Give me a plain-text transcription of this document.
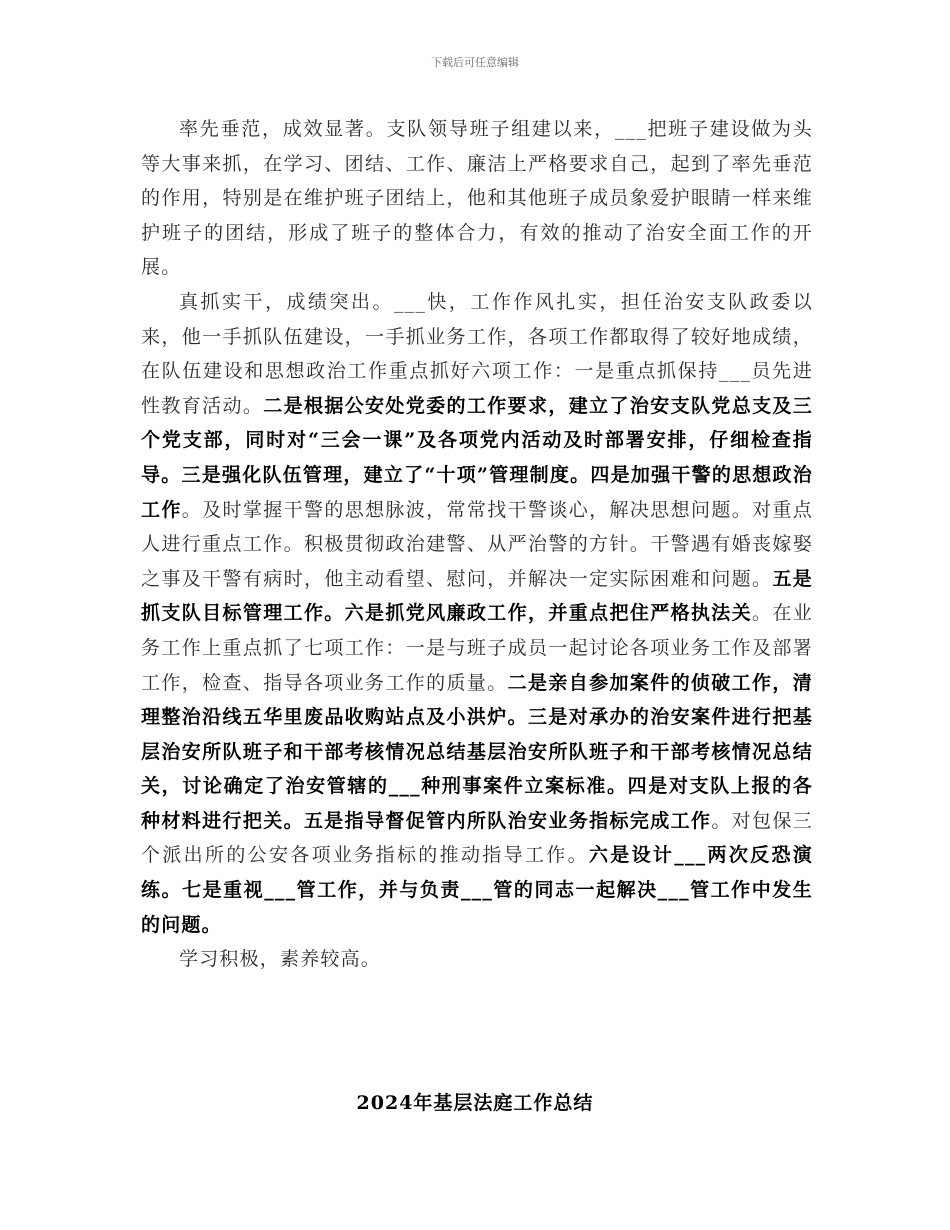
下载后可任意编辑

率先垂范，成效显著。支队领导班子组建以来，___把班子建设做为头等大事来抓，在学习、团结、工作、廉洁上严格要求自己，起到了率先垂范的作用，特别是在维护班子团结上，他和其他班子成员象爱护眼睛一样来维护班子的团结，形成了班子的整体合力，有效的推动了治安全面工作的开展。

真抓实干，成绩突出。___快，工作作风扎实，担任治安支队政委以来，他一手抓队伍建设，一手抓业务工作，各项工作都取得了较好地成绩，在队伍建设和思想政治工作重点抓好六项工作：一是重点抓保持___员先进性教育活动。二是根据公安处党委的工作要求，建立了治安支队党总支及三个党支部，同时对“三会一课”及各项党内活动及时部署安排，仔细检查指导。三是强化队伍管理，建立了“十项”管理制度。四是加强干警的思想政治工作。及时掌握干警的思想脉波，常常找干警谈心，解决思想问题。对重点人进行重点工作。积极贯彻政治建警、从严治警的方针。干警遇有婚丧嫁娶之事及干警有病时，他主动看望、慰问，并解决一定实际困难和问题。五是抓支队目标管理工作。六是抓党风廉政工作，并重点把住严格执法关。在业务工作上重点抓了七项工作：一是与班子成员一起讨论各项业务工作及部署工作，检查、指导各项业务工作的质量。二是亲自参加案件的侦破工作，清理整治沿线五华里废品收购站点及小洪炉。三是对承办的治安案件进行把基层治安所队班子和干部考核情况总结基层治安所队班子和干部考核情况总结关，讨论确定了治安管辖的___种刑事案件立案标准。四是对支队上报的各种材料进行把关。五是指导督促管内所队治安业务指标完成工作。对包保三个派出所的公安各项业务指标的推动指导工作。六是设计___两次反恐演练。七是重视___管工作，并与负责___管的同志一起解决___管工作中发生的问题。

学习积极，素养较高。

2024年基层法庭工作总结
